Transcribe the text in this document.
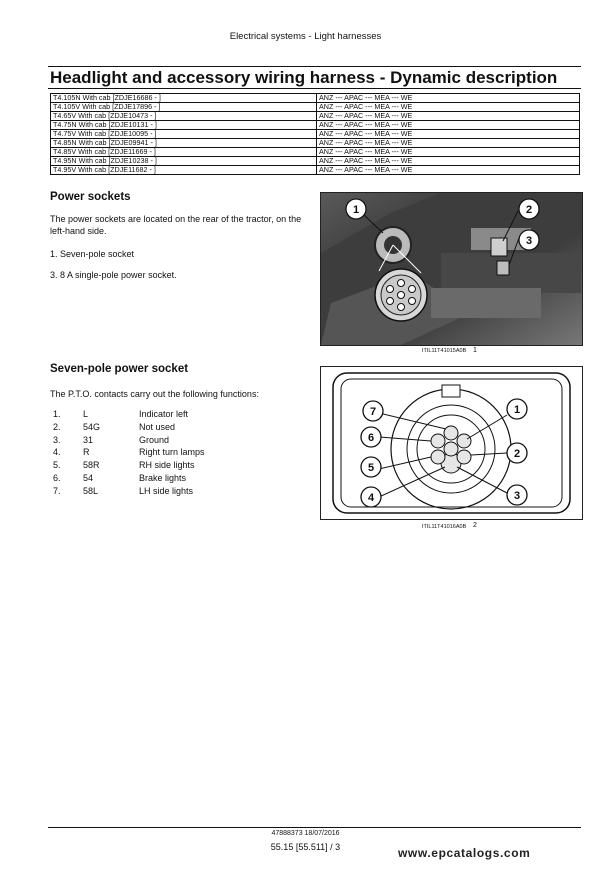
Electrical systems - Light harnesses
Headlight and accessory wiring harness - Dynamic description
T4.105N With cab [ZDJE16686 - ]	ANZ --- APAC --- MEA --- WE
T4.105V With cab [ZDJE17896 - ]	ANZ --- APAC --- MEA --- WE
T4.65V With cab [ZDJE10473 - ]	ANZ --- APAC --- MEA --- WE
T4.75N With cab [ZDJE10131 - ]	ANZ --- APAC --- MEA --- WE
T4.75V With cab [ZDJE10095 - ]	ANZ --- APAC --- MEA --- WE
T4.85N With cab [ZDJE09941 - ]	ANZ --- APAC --- MEA --- WE
T4.85V With cab [ZDJE11669 - ]	ANZ --- APAC --- MEA --- WE
T4.95N With cab [ZDJE10238 - ]	ANZ --- APAC --- MEA --- WE
T4.95V With cab [ZDJE11682 - ]	ANZ --- APAC --- MEA --- WE
Power sockets
The power sockets are located on the rear of the tractor, on the left-hand side.
1. Seven-pole socket
3. 8 A single-pole power socket.
1	2
3
ITIL11T41015A0B 1
Seven-pole power socket
The P.T.O. contacts carry out the following functions:
1. L	Indicator left
2. 54G	Not used
3. 31	Ground
4. R	Right turn lamps
5. 58R	RH side lights
6. 54	Brake lights
7. 58L	LH side lights
1
2
3
4
5
6
7
ITIL11T41016A0B 2
47888373 18/07/2016
55.15 [55.511] / 3	www.epcatalogs.com
